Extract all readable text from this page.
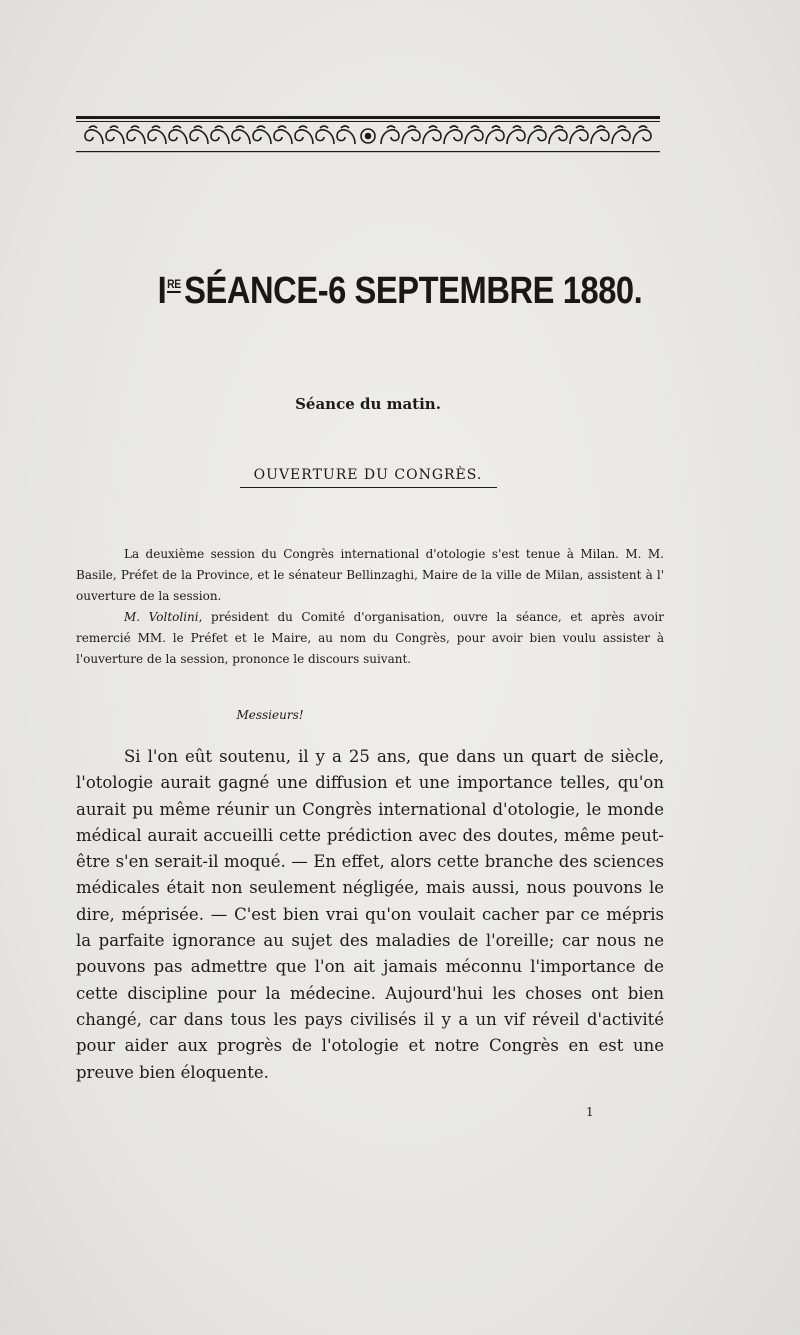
IRESÉANCE-6 SEPTEMBRE 1880.
Séance du matin.
OUVERTURE DU CONGRÈS.

La deuxième session du Congrès international d'otologie s'est tenue à Milan. M. M. Basile, Préfet de la Province, et le sénateur Bellinzaghi, Maire de la ville de Milan, assistent à l' ouverture de la session.

M. Voltolini, président du Comité d'organisation, ouvre la séance, et après avoir remercié MM. le Préfet et le Maire, au nom du Congrès, pour avoir bien voulu assister à l'ouverture de la session, prononce le discours suivant.

Messieurs!

Si l'on eût soutenu, il y a 25 ans, que dans un quart de siècle, l'otologie aurait gagné une diffusion et une importance telles, qu'on aurait pu même réunir un Congrès international d'otologie, le monde médical aurait accueilli cette prédiction avec des doutes, même peut-être s'en serait-il moqué. — En effet, alors cette branche des sciences médicales était non seulement négligée, mais aussi, nous pouvons le dire, méprisée. — C'est bien vrai qu'on voulait cacher par ce mépris la parfaite ignorance au sujet des maladies de l'oreille; car nous ne pouvons pas admettre que l'on ait jamais méconnu l'importance de cette discipline pour la médecine. Aujourd'hui les choses ont bien changé, car dans tous les pays civilisés il y a un vif réveil d'activité pour aider aux progrès de l'otologie et notre Congrès en est une preuve bien éloquente.

1
